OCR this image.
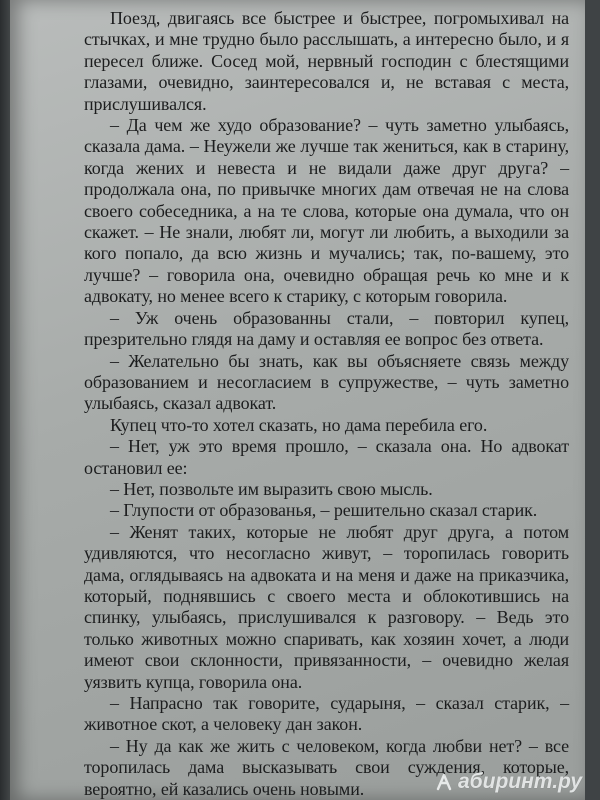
Поезд, двигаясь все быстрее и быстрее, погромыхивал на стычках, и мне трудно было расслышать, а интересно было, и я пересел ближе. Сосед мой, нервный господин с блестящими глазами, очевидно, заинтересовался и, не вставая с места, прислушивался.

– Да чем же худо образование? – чуть заметно улыбаясь, сказала дама. – Неужели же лучше так жениться, как в старину, когда жених и невеста и не видали даже друг друга? – продолжала она, по привычке многих дам отвечая не на слова своего собеседника, а на те слова, которые она думала, что он скажет. – Не знали, любят ли, могут ли любить, а выходили за кого попало, да всю жизнь и мучались; так, по-вашему, это лучше? – говорила она, очевидно обращая речь ко мне и к адвокату, но менее всего к старику, с которым говорила.

– Уж очень образованны стали, – повторил купец, презрительно глядя на даму и оставляя ее вопрос без ответа.

– Желательно бы знать, как вы объясняете связь между образованием и несогласием в супружестве, – чуть заметно улыбаясь, сказал адвокат.

Купец что-то хотел сказать, но дама перебила его.

– Нет, уж это время прошло, – сказала она. Но адвокат остановил ее:

– Нет, позвольте им выразить свою мысль.

– Глупости от образованья, – решительно сказал старик.

– Женят таких, которые не любят друг друга, а потом удивляются, что несогласно живут, – торопилась говорить дама, оглядываясь на адвоката и на меня и даже на приказчика, который, поднявшись с своего места и облокотившись на спинку, улыбаясь, прислушивался к разговору. – Ведь это только животных можно спаривать, как хозяин хочет, а люди имеют свои склонности, привязанности, – очевидно желая уязвить купца, говорила она.

– Напрасно так говорите, сударыня, – сказал старик, – животное скот, а человеку дан закон.

– Ну да как же жить с человеком, когда любви нет? – все торопилась дама высказывать свои суждения, которые, вероятно, ей казались очень новыми.	абиринт.ру
